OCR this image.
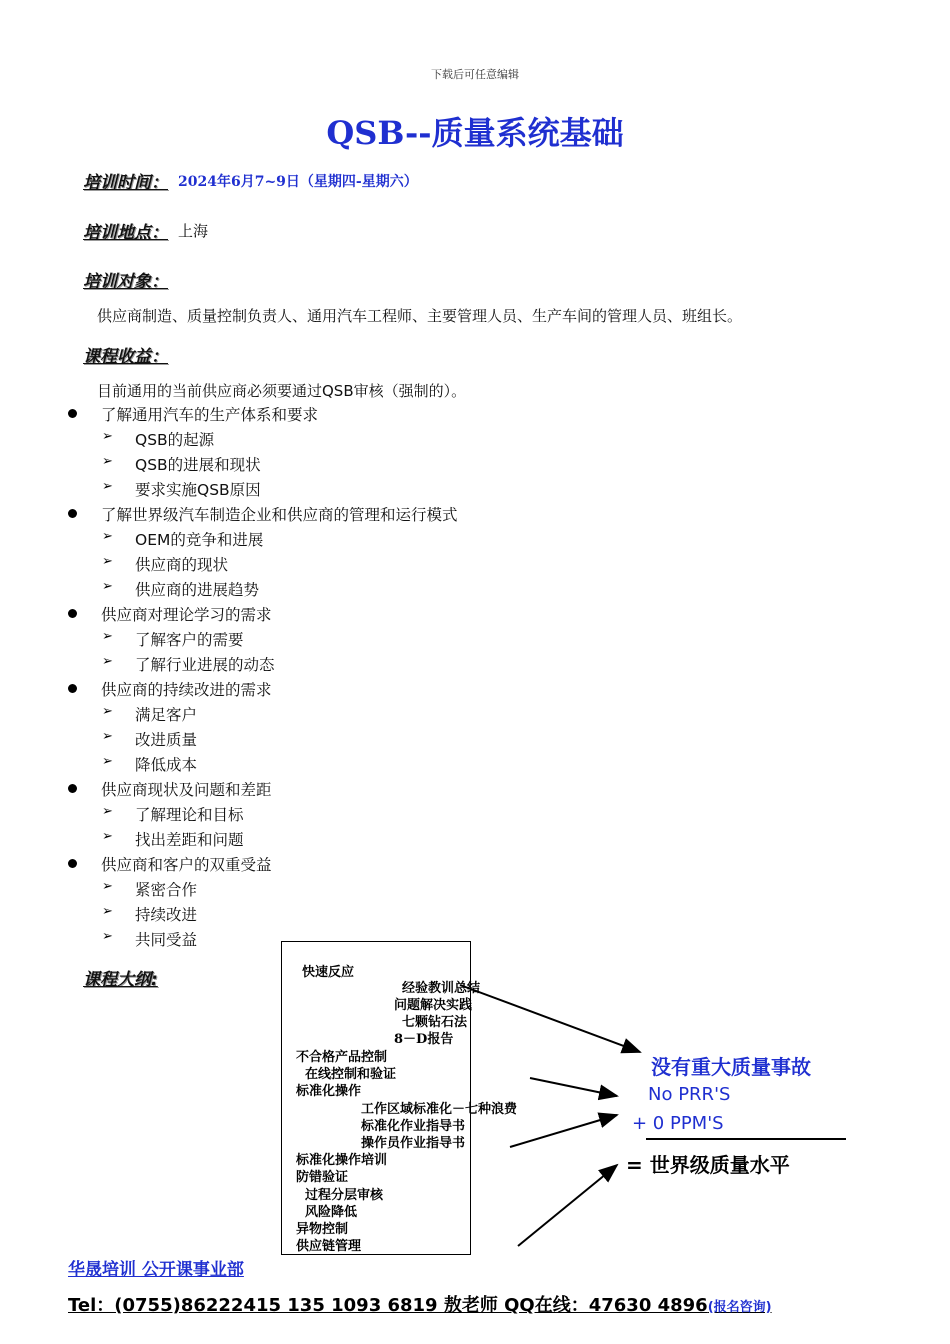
下载后可任意编辑
QSB--质量系统基础
培训时间： 2024年6月7~9日（星期四-星期六）
培训地点： 上海
培训对象：
供应商制造、质量控制负责人、通用汽车工程师、主要管理人员、生产车间的管理人员、班组长。
课程收益：
目前通用的当前供应商必须要通过QSB审核（强制的）。
了解通用汽车的生产体系和要求
➢ QSB的起源
➢ QSB的进展和现状
➢ 要求实施QSB原因
了解世界级汽车制造企业和供应商的管理和运行模式
➢ OEM的竞争和进展
➢ 供应商的现状
➢ 供应商的进展趋势
供应商对理论学习的需求
➢ 了解客户的需要
➢ 了解行业进展的动态
供应商的持续改进的需求
➢ 满足客户
➢ 改进质量
➢ 降低成本
供应商现状及问题和差距
➢ 了解理论和目标
➢ 找出差距和问题
供应商和客户的双重受益
➢ 紧密合作
➢ 持续改进
➢ 共同受益
课程大纲:	快速反应
经验教训总结
问题解决实践
七颗钻石法
8－D报告
不合格产品控制
在线控制和验证
标准化操作
工作区域标准化－七种浪费
标准化作业指导书
操作员作业指导书
标准化操作培训
防错验证
过程分层审核
风险降低
异物控制
供应链管理
没有重大质量事故
No PRR'S
+ 0 PPM'S
= 世界级质量水平
华晟培训 公开课事业部
Tel：(0755)86222415 135 1093 6819 敖老师 QQ在线：47630 4896(报名咨询)
